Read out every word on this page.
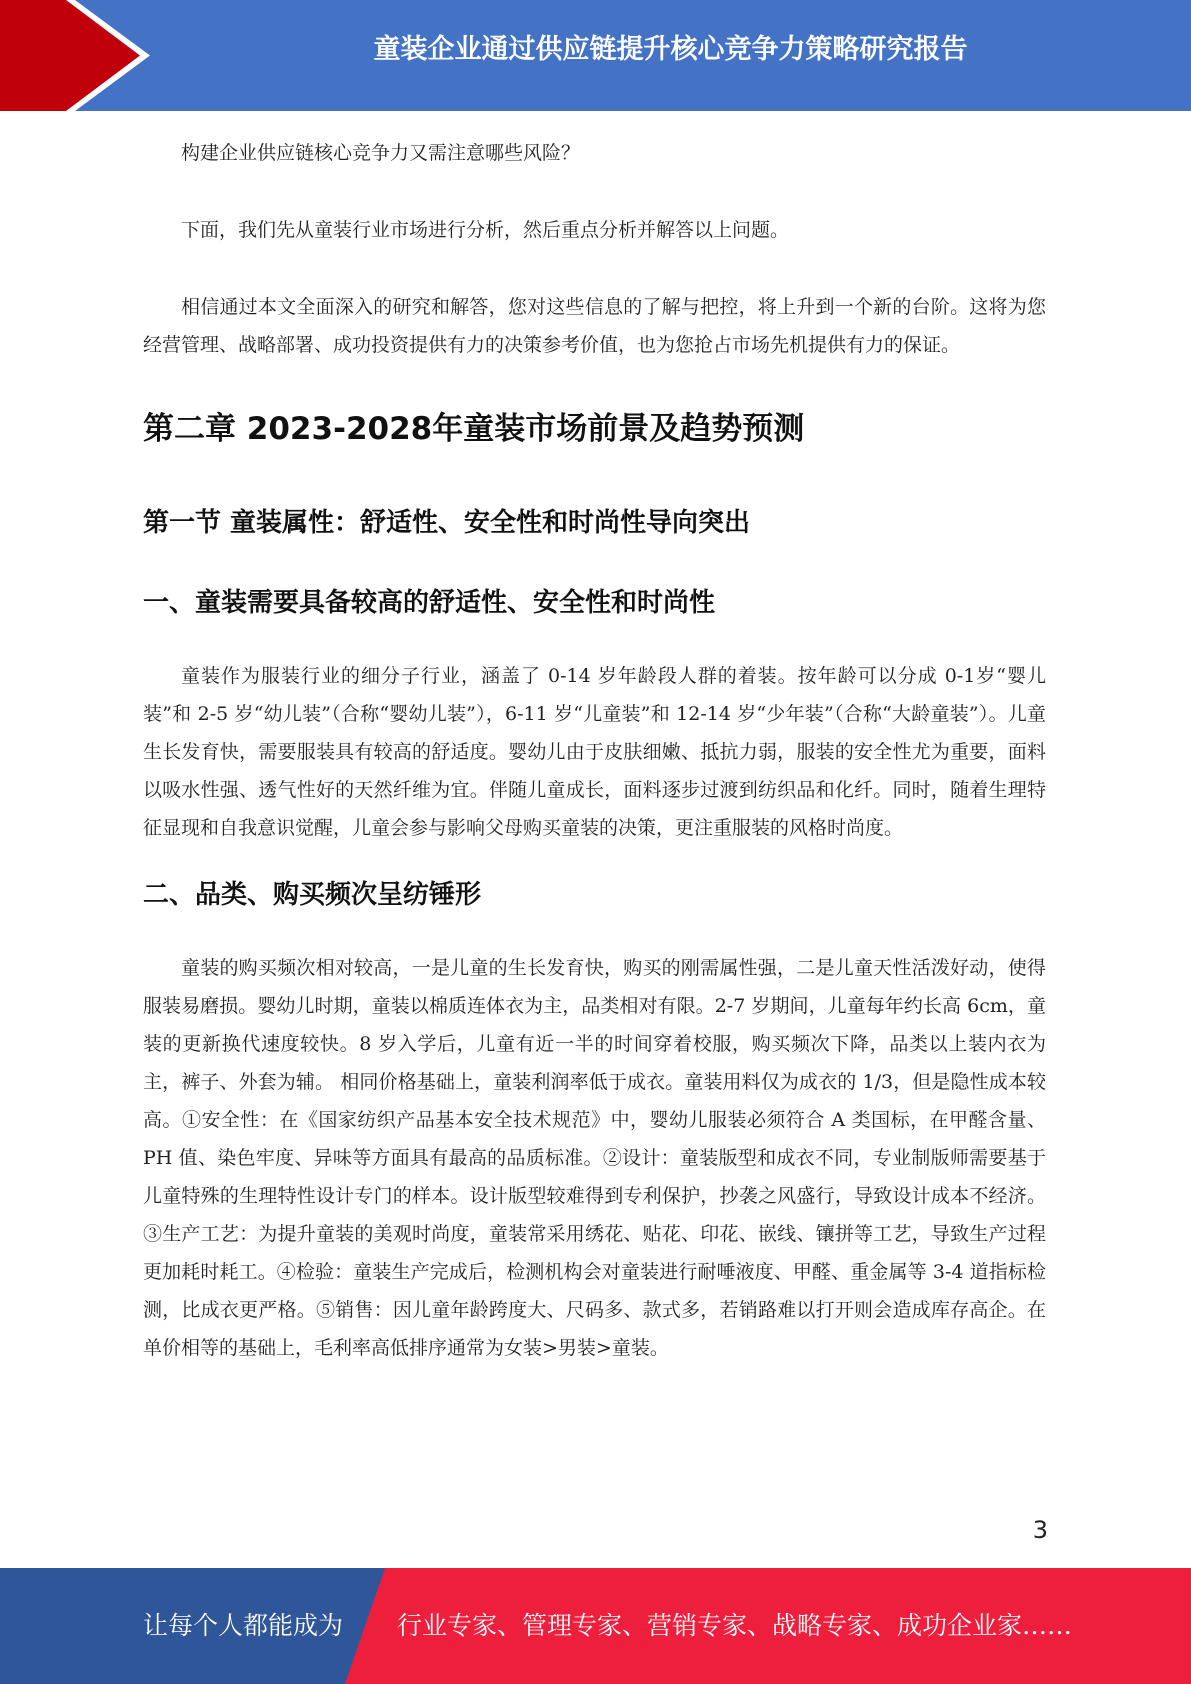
童装企业通过供应链提升核心竞争力策略研究报告

构建企业供应链核心竞争力又需注意哪些风险？

下面，我们先从童装行业市场进行分析，然后重点分析并解答以上问题。

相信通过本文全面深入的研究和解答，您对这些信息的了解与把控，将上升到一个新的台阶。这将为您经营管理、战略部署、成功投资提供有力的决策参考价值，也为您抢占市场先机提供有力的保证。

第二章 2023-2028年童装市场前景及趋势预测
第一节 童装属性：舒适性、安全性和时尚性导向突出
一、童装需要具备较高的舒适性、安全性和时尚性

童装作为服装行业的细分子行业，涵盖了 0-14 岁年龄段人群的着装。按年龄可以分成 0-1岁“婴儿装”和 2-5 岁“幼儿装”（合称“婴幼儿装”），6-11 岁“儿童装”和 12-14 岁“少年装”（合称“大龄童装”）。儿童生长发育快，需要服装具有较高的舒适度。婴幼儿由于皮肤细嫩、抵抗力弱，服装的安全性尤为重要，面料以吸水性强、透气性好的天然纤维为宜。伴随儿童成长，面料逐步过渡到纺织品和化纤。同时，随着生理特征显现和自我意识觉醒，儿童会参与影响父母购买童装的决策，更注重服装的风格时尚度。

二、品类、购买频次呈纺锤形

童装的购买频次相对较高，一是儿童的生长发育快，购买的刚需属性强，二是儿童天性活泼好动，使得服装易磨损。婴幼儿时期，童装以棉质连体衣为主，品类相对有限。2-7 岁期间，儿童每年约长高 6cm，童装的更新换代速度较快。8 岁入学后，儿童有近一半的时间穿着校服，购买频次下降，品类以上装内衣为主，裤子、外套为辅。 相同价格基础上，童装利润率低于成衣。童装用料仅为成衣的 1/3，但是隐性成本较高。①安全性：在《国家纺织产品基本安全技术规范》中，婴幼儿服装必须符合 A 类国标，在甲醛含量、PH 值、染色牢度、异味等方面具有最高的品质标准。②设计：童装版型和成衣不同，专业制版师需要基于儿童特殊的生理特性设计专门的样本。设计版型较难得到专利保护，抄袭之风盛行，导致设计成本不经济。③生产工艺：为提升童装的美观时尚度，童装常采用绣花、贴花、印花、嵌线、镶拼等工艺，导致生产过程更加耗时耗工。④检验：童装生产完成后，检测机构会对童装进行耐唾液度、甲醛、重金属等 3-4 道指标检测，比成衣更严格。⑤销售：因儿童年龄跨度大、尺码多、款式多，若销路难以打开则会造成库存高企。在单价相等的基础上，毛利率高低排序通常为女装>男装>童装。

3
让每个人都能成为 行业专家、管理专家、营销专家、战略专家、成功企业家……
